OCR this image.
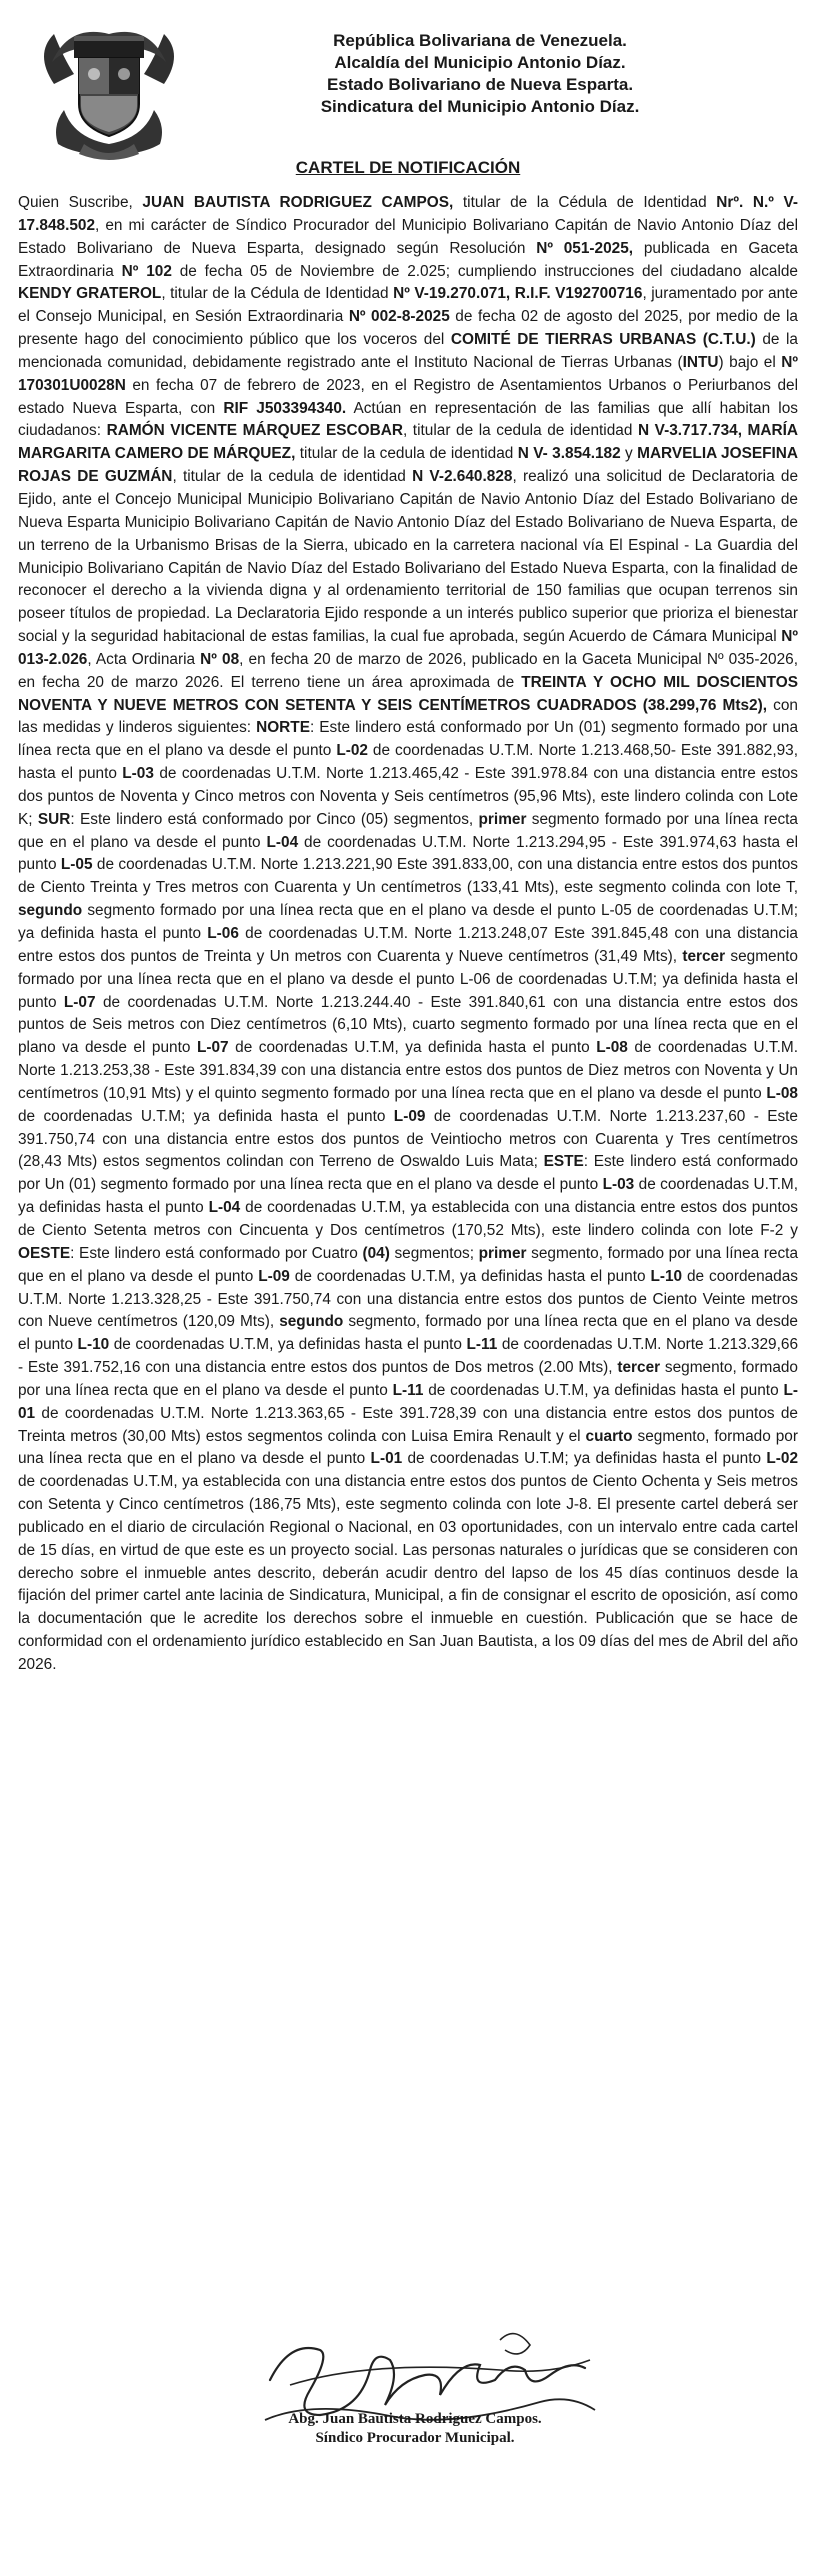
República Bolivariana de Venezuela.
Alcaldía del Municipio Antonio Díaz.
Estado Bolivariano de Nueva Esparta.
Sindicatura del Municipio Antonio Díaz.
CARTEL DE NOTIFICACIÓN
Quien Suscribe, JUAN BAUTISTA RODRIGUEZ CAMPOS, titular de la Cédula de Identidad Nrº. N.º V-17.848.502, en mi carácter de Síndico Procurador del Municipio Bolivariano Capitán de Navio Antonio Díaz del Estado Bolivariano de Nueva Esparta, designado según Resolución Nº 051-2025, publicada en Gaceta Extraordinaria Nº 102 de fecha 05 de Noviembre de 2.025; cumpliendo instrucciones del ciudadano alcalde KENDY GRATEROL, titular de la Cédula de Identidad Nº V-19.270.071, R.I.F. V192700716, juramentado por ante el Consejo Municipal, en Sesión Extraordinaria Nº 002-8-2025 de fecha 02 de agosto del 2025, por medio de la presente hago del conocimiento público que los voceros del COMITÉ DE TIERRAS URBANAS (C.T.U.) de la mencionada comunidad, debidamente registrado ante el Instituto Nacional de Tierras Urbanas (INTU) bajo el Nº 170301U0028N en fecha 07 de febrero de 2023, en el Registro de Asentamientos Urbanos o Periurbanos del estado Nueva Esparta, con RIF J503394340. Actúan en representación de las familias que allí habitan los ciudadanos: RAMÓN VICENTE MÁRQUEZ ESCOBAR, titular de la cedula de identidad N V-3.717.734, MARÍA MARGARITA CAMERO DE MÁRQUEZ, titular de la cedula de identidad N V- 3.854.182 y MARVELIA JOSEFINA ROJAS DE GUZMÁN, titular de la cedula de identidad N V-2.640.828, realizó una solicitud de Declaratoria de Ejido, ante el Concejo Municipal Municipio Bolivariano Capitán de Navio Antonio Díaz del Estado Bolivariano de Nueva Esparta Municipio Bolivariano Capitán de Navio Antonio Díaz del Estado Bolivariano de Nueva Esparta, de un terreno de la Urbanismo Brisas de la Sierra, ubicado en la carretera nacional vía El Espinal - La Guardia del Municipio Bolivariano Capitán de Navio Díaz del Estado Bolivariano del Estado Nueva Esparta, con la finalidad de reconocer el derecho a la vivienda digna y al ordenamiento territorial de 150 familias que ocupan terrenos sin poseer títulos de propiedad. La Declaratoria Ejido responde a un interés publico superior que prioriza el bienestar social y la seguridad habitacional de estas familias, la cual fue aprobada, según Acuerdo de Cámara Municipal Nº 013-2.026, Acta Ordinaria Nº 08, en fecha 20 de marzo de 2026, publicado en la Gaceta Municipal Nº 035-2026, en fecha 20 de marzo 2026. El terreno tiene un área aproximada de TREINTA Y OCHO MIL DOSCIENTOS NOVENTA Y NUEVE METROS CON SETENTA Y SEIS CENTÍMETROS CUADRADOS (38.299,76 Mts2), con las medidas y linderos siguientes: NORTE: Este lindero está conformado por Un (01) segmento formado por una línea recta que en el plano va desde el punto L-02 de coordenadas U.T.M. Norte 1.213.468,50- Este 391.882,93, hasta el punto L-03 de coordenadas U.T.M. Norte 1.213.465,42 - Este 391.978.84 con una distancia entre estos dos puntos de Noventa y Cinco metros con Noventa y Seis centímetros (95,96 Mts), este lindero colinda con Lote K; SUR: Este lindero está conformado por Cinco (05) segmentos, primer segmento formado por una línea recta que en el plano va desde el punto L-04 de coordenadas U.T.M. Norte 1.213.294,95 - Este 391.974,63 hasta el punto L-05 de coordenadas U.T.M. Norte 1.213.221,90 Este 391.833,00, con una distancia entre estos dos puntos de Ciento Treinta y Tres metros con Cuarenta y Un centímetros (133,41 Mts), este segmento colinda con lote T, segundo segmento formado por una línea recta que en el plano va desde el punto L-05 de coordenadas U.T.M; ya definida hasta el punto L-06 de coordenadas U.T.M. Norte 1.213.248,07 Este 391.845,48 con una distancia entre estos dos puntos de Treinta y Un metros con Cuarenta y Nueve centímetros (31,49 Mts), tercer segmento formado por una línea recta que en el plano va desde el punto L-06 de coordenadas U.T.M; ya definida hasta el punto L-07 de coordenadas U.T.M. Norte 1.213.244.40 - Este 391.840,61 con una distancia entre estos dos puntos de Seis metros con Diez centímetros (6,10 Mts), cuarto segmento formado por una línea recta que en el plano va desde el punto L-07 de coordenadas U.T.M, ya definida hasta el punto L-08 de coordenadas U.T.M. Norte 1.213.253,38 - Este 391.834,39 con una distancia entre estos dos puntos de Diez metros con Noventa y Un centímetros (10,91 Mts) y el quinto segmento formado por una línea recta que en el plano va desde el punto L-08 de coordenadas U.T.M; ya definida hasta el punto L-09 de coordenadas U.T.M. Norte 1.213.237,60 - Este 391.750,74 con una distancia entre estos dos puntos de Veintiocho metros con Cuarenta y Tres centímetros (28,43 Mts) estos segmentos colindan con Terreno de Oswaldo Luis Mata; ESTE: Este lindero está conformado por Un (01) segmento formado por una línea recta que en el plano va desde el punto L-03 de coordenadas U.T.M, ya definidas hasta el punto L-04 de coordenadas U.T.M, ya establecida con una distancia entre estos dos puntos de Ciento Setenta metros con Cincuenta y Dos centímetros (170,52 Mts), este lindero colinda con lote F-2 y OESTE: Este lindero está conformado por Cuatro (04) segmentos; primer segmento, formado por una línea recta que en el plano va desde el punto L-09 de coordenadas U.T.M, ya definidas hasta el punto L-10 de coordenadas U.T.M. Norte 1.213.328,25 - Este 391.750,74 con una distancia entre estos dos puntos de Ciento Veinte metros con Nueve centímetros (120,09 Mts), segundo segmento, formado por una línea recta que en el plano va desde el punto L-10 de coordenadas U.T.M, ya definidas hasta el punto L-11 de coordenadas U.T.M. Norte 1.213.329,66 - Este 391.752,16 con una distancia entre estos dos puntos de Dos metros (2.00 Mts), tercer segmento, formado por una línea recta que en el plano va desde el punto L-11 de coordenadas U.T.M, ya definidas hasta el punto L-01 de coordenadas U.T.M. Norte 1.213.363,65 - Este 391.728,39 con una distancia entre estos dos puntos de Treinta metros (30,00 Mts) estos segmentos colinda con Luisa Emira Renault y el cuarto segmento, formado por una línea recta que en el plano va desde el punto L-01 de coordenadas U.T.M; ya definidas hasta el punto L-02 de coordenadas U.T.M, ya establecida con una distancia entre estos dos puntos de Ciento Ochenta y Seis metros con Setenta y Cinco centímetros (186,75 Mts), este segmento colinda con lote J-8. El presente cartel deberá ser publicado en el diario de circulación Regional o Nacional, en 03 oportunidades, con un intervalo entre cada cartel de 15 días, en virtud de que este es un proyecto social. Las personas naturales o jurídicas que se consideren con derecho sobre el inmueble antes descrito, deberán acudir dentro del lapso de los 45 días continuos desde la fijación del primer cartel ante lacinia de Sindicatura, Municipal, a fin de consignar el escrito de oposición, así como la documentación que le acredite los derechos sobre el inmueble en cuestión. Publicación que se hace de conformidad con el ordenamiento jurídico establecido en San Juan Bautista, a los 09 días del mes de Abril del año 2026.
Abg. Juan Bautista Rodriguez Campos.
Síndico Procurador Municipal.
